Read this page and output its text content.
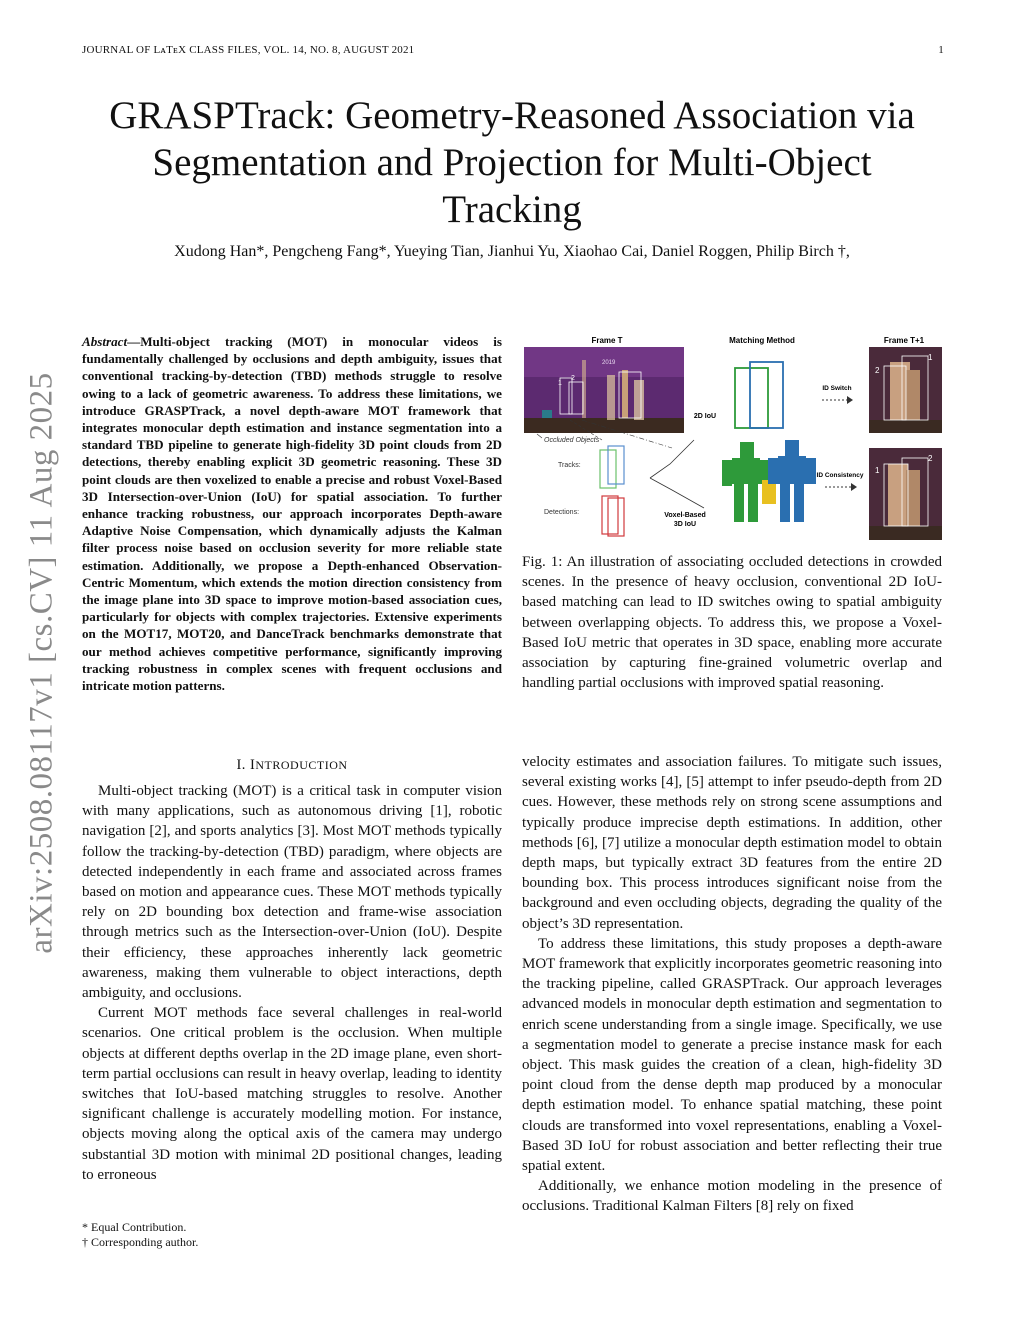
JOURNAL OF LᴀTᴇX CLASS FILES, VOL. 14, NO. 8, AUGUST 2021	1
arXiv:2508.08117v1 [cs.CV] 11 Aug 2025
GRASPTrack: Geometry-Reasoned Association via Segmentation and Projection for Multi-Object Tracking
Xudong Han*, Pengcheng Fang*, Yueying Tian, Jianhui Yu, Xiaohao Cai, Daniel Roggen, Philip Birch †,

Abstract—Multi-object tracking (MOT) in monocular videos is fundamentally challenged by occlusions and depth ambiguity, issues that conventional tracking-by-detection (TBD) methods struggle to resolve owing to a lack of geometric awareness. To address these limitations, we introduce GRASPTrack, a novel depth-aware MOT framework that integrates monocular depth estimation and instance segmentation into a standard TBD pipeline to generate high-fidelity 3D point clouds from 2D detections, thereby enabling explicit 3D geometric reasoning. These 3D point clouds are then voxelized to enable a precise and robust Voxel-Based 3D Intersection-over-Union (IoU) for spatial association. To further enhance tracking robustness, our approach incorporates Depth-aware Adaptive Noise Compensation, which dynamically adjusts the Kalman filter process noise based on occlusion severity for more reliable state estimation. Additionally, we propose a Depth-enhanced Observation-Centric Momentum, which extends the motion direction consistency from the image plane into 3D space to improve motion-based association cues, particularly for objects with complex trajectories. Extensive experiments on the MOT17, MOT20, and DanceTrack benchmarks demonstrate that our method achieves competitive performance, significantly improving tracking robustness in complex scenes with frequent occlusions and intricate motion patterns.

Frame T	Matching Method	Frame T+1
2019
1
2
Occluded Objects
Tracks:
Detections:
2D IoU
ID Switch
Voxel-Based
3D IoU
ID Consistency
2
1
1
2

Fig. 1: An illustration of associating occluded detections in crowded scenes. In the presence of heavy occlusion, conventional 2D IoU-based matching can lead to ID switches owing to spatial ambiguity between overlapping objects. To address this, we propose a Voxel-Based IoU metric that operates in 3D space, enabling more accurate association by capturing fine-grained volumetric overlap and handling partial occlusions with improved spatial reasoning.

I. INTRODUCTION

Multi-object tracking (MOT) is a critical task in computer vision with many applications, such as autonomous driving [1], robotic navigation [2], and sports analytics [3]. Most MOT methods typically follow the tracking-by-detection (TBD) paradigm, where objects are detected independently in each frame and associated across frames based on motion and appearance cues. These MOT methods typically rely on 2D bounding box detection and frame-wise association through metrics such as the Intersection-over-Union (IoU). Despite their efficiency, these approaches inherently lack geometric awareness, making them vulnerable to object interactions, depth ambiguity, and occlusions.

Current MOT methods face several challenges in real-world scenarios. One critical problem is the occlusion. When multiple objects at different depths overlap in the 2D image plane, even short-term partial occlusions can result in heavy overlap, leading to identity switches that IoU-based matching struggles to resolve. Another significant challenge is accurately modelling motion. For instance, objects moving along the optical axis of the camera may undergo substantial 3D motion with minimal 2D positional changes, leading to erroneous

velocity estimates and association failures. To mitigate such issues, several existing works [4], [5] attempt to infer pseudo-depth from 2D cues. However, these methods rely on strong scene assumptions and typically produce imprecise depth estimations. In addition, other methods [6], [7] utilize a monocular depth estimation model to obtain depth maps, but typically extract 3D features from the entire 2D bounding box. This process introduces significant noise from the background and even occluding objects, degrading the quality of the object’s 3D representation.

To address these limitations, this study proposes a depth-aware MOT framework that explicitly incorporates geometric reasoning into the tracking pipeline, called GRASPTrack. Our approach leverages advanced models in monocular depth estimation and segmentation to enrich scene understanding from a single image. Specifically, we use a segmentation model to generate a precise instance mask for each object. This mask guides the creation of a clean, high-fidelity 3D point cloud from the dense depth map produced by a monocular depth estimation model. To enhance spatial matching, these point clouds are transformed into voxel representations, enabling a Voxel-Based 3D IoU for robust association and better reflecting their true spatial extent.

Additionally, we enhance motion modeling in the presence of occlusions. Traditional Kalman Filters [8] rely on fixed

* Equal Contribution.
† Corresponding author.
